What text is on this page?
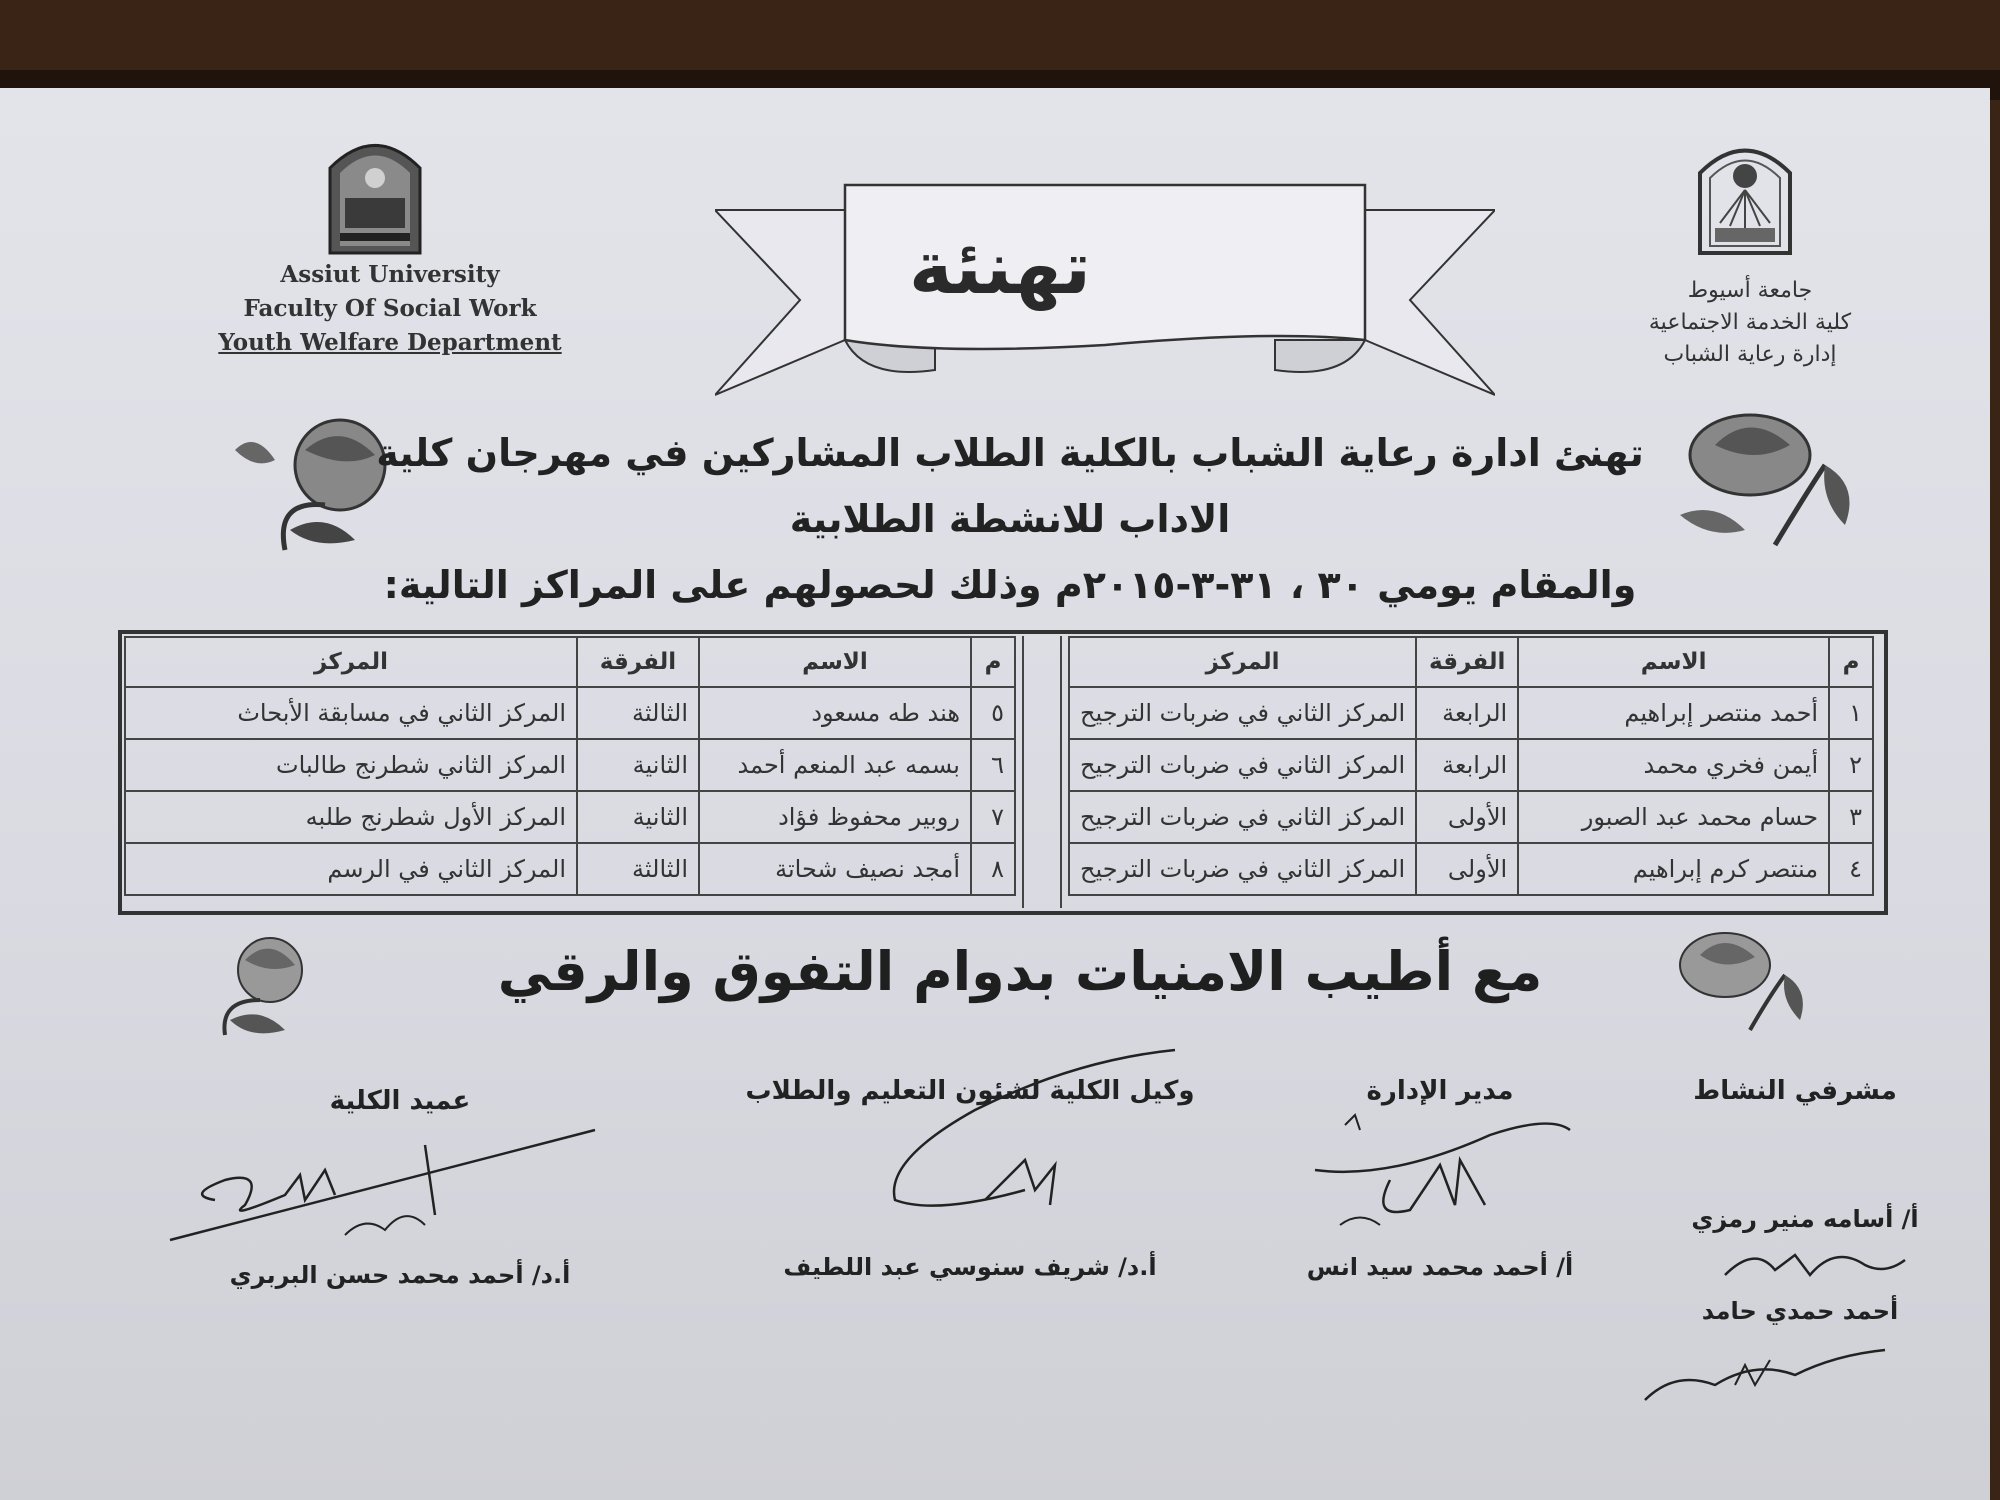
Assiut University
Faculty Of Social Work
Youth Welfare Department
جامعة أسيوط
كلية الخدمة الاجتماعية
إدارة رعاية الشباب
تهنئة
تهنئ ادارة رعاية الشباب بالكلية الطلاب المشاركين في مهرجان كلية الاداب للانشطة الطلابية
والمقام يومي ٣٠ ، ٣١-٣-٢٠١٥م وذلك لحصولهم على المراكز التالية:
م	الاسم	الفرقة	المركز
١	أحمد منتصر إبراهيم	الرابعة	المركز الثاني في ضربات الترجيح
٢	أيمن فخري محمد	الرابعة	المركز الثاني في ضربات الترجيح
٣	حسام محمد عبد الصبور	الأولى	المركز الثاني في ضربات الترجيح
٤	منتصر كرم إبراهيم	الأولى	المركز الثاني في ضربات الترجيح
م	الاسم	الفرقة	المركز
٥	هند طه مسعود	الثالثة	المركز الثاني في مسابقة الأبحاث
٦	بسمه عبد المنعم أحمد	الثانية	المركز الثاني شطرنج طالبات
٧	روبير محفوظ فؤاد	الثانية	المركز الأول شطرنج طلبه
٨	أمجد نصيف شحاتة	الثالثة	المركز الثاني في الرسم
مع أطيب الامنيات بدوام التفوق والرقي
مشرفي النشاط
مدير الإدارة
وكيل الكلية لشئون التعليم والطلاب
عميد الكلية
أ/ أسامه منير رمزي
أحمد حمدي حامد
أ/ أحمد محمد سيد انس
أ.د/ شريف سنوسي عبد اللطيف
أ.د/ أحمد محمد حسن البربري
